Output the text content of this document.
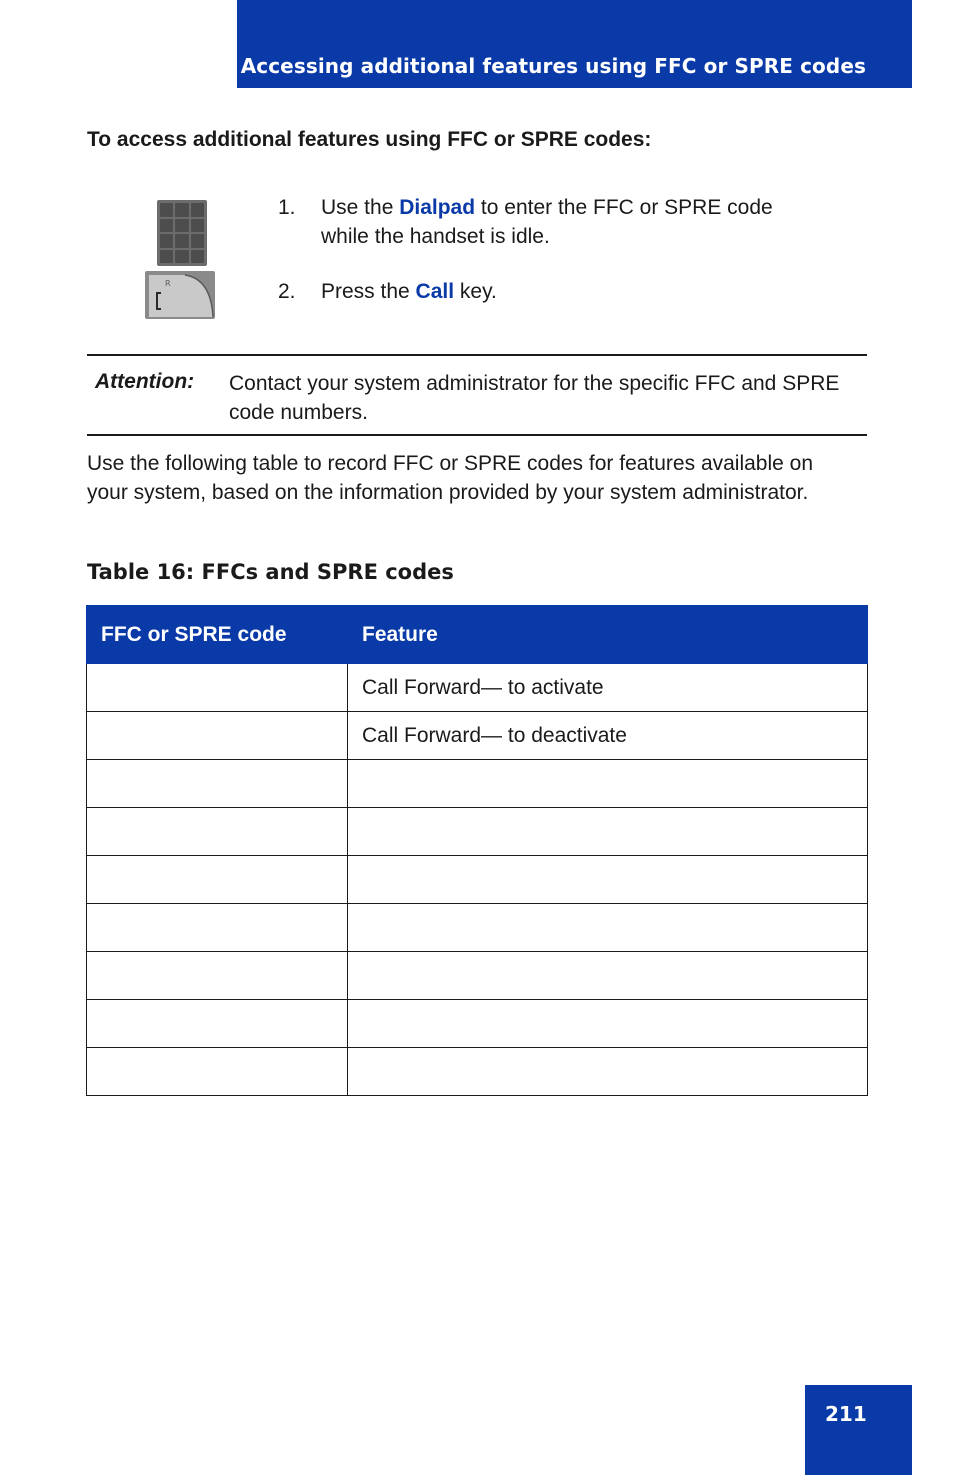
Accessing additional features using FFC or SPRE codes
To access additional features using FFC or SPRE codes:
R
1.	Use the Dialpad to enter the FFC or SPRE code
while the handset is idle.
2.	Press the Call key.
Attention: Contact your system administrator for the specific FFC and SPRE code numbers.
Use the following table to record FFC or SPRE codes for features available on your system, based on the information provided by your system administrator.
Table 16: FFCs and SPRE codes
FFC or SPRE code	Feature
	Call Forward— to activate
	Call Forward— to deactivate

211
